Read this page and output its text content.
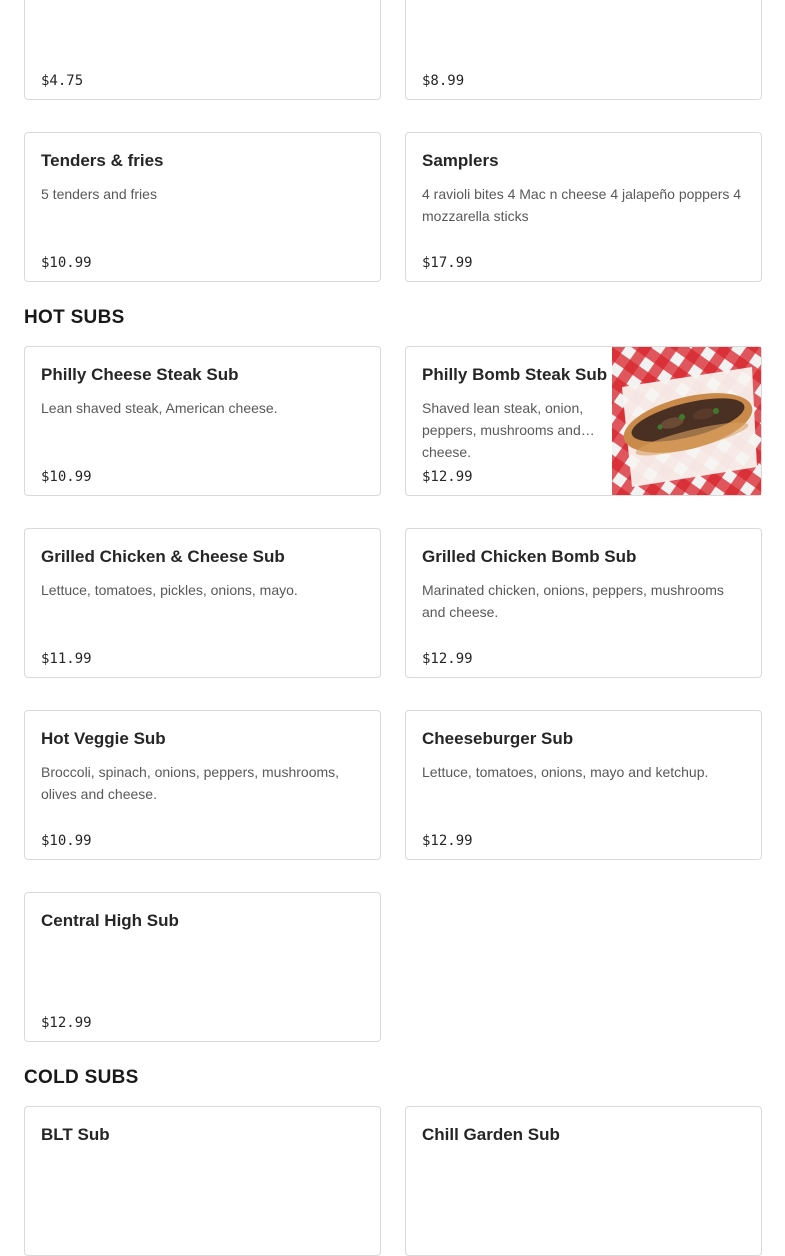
$4.75	$8.99
Tenders & fries
5 tenders and fries
$10.99
Samplers
4 ravioli bites 4 Mac n cheese 4 jalapeño poppers 4 mozzarella sticks
$17.99
HOT SUBS
Philly Cheese Steak Sub
Lean shaved steak, American cheese.
$10.99
Philly Bomb Steak Sub
Shaved lean steak, onion, peppers, mushrooms and cheese.
$12.99
Grilled Chicken & Cheese Sub
Lettuce, tomatoes, pickles, onions, mayo.
$11.99
Grilled Chicken Bomb Sub
Marinated chicken, onions, peppers, mushrooms and cheese.
$12.99
Hot Veggie Sub
Broccoli, spinach, onions, peppers, mushrooms, olives and cheese.
$10.99
Cheeseburger Sub
Lettuce, tomatoes, onions, mayo and ketchup.
$12.99
Central High Sub
$12.99
COLD SUBS
BLT Sub	Chill Garden Sub
